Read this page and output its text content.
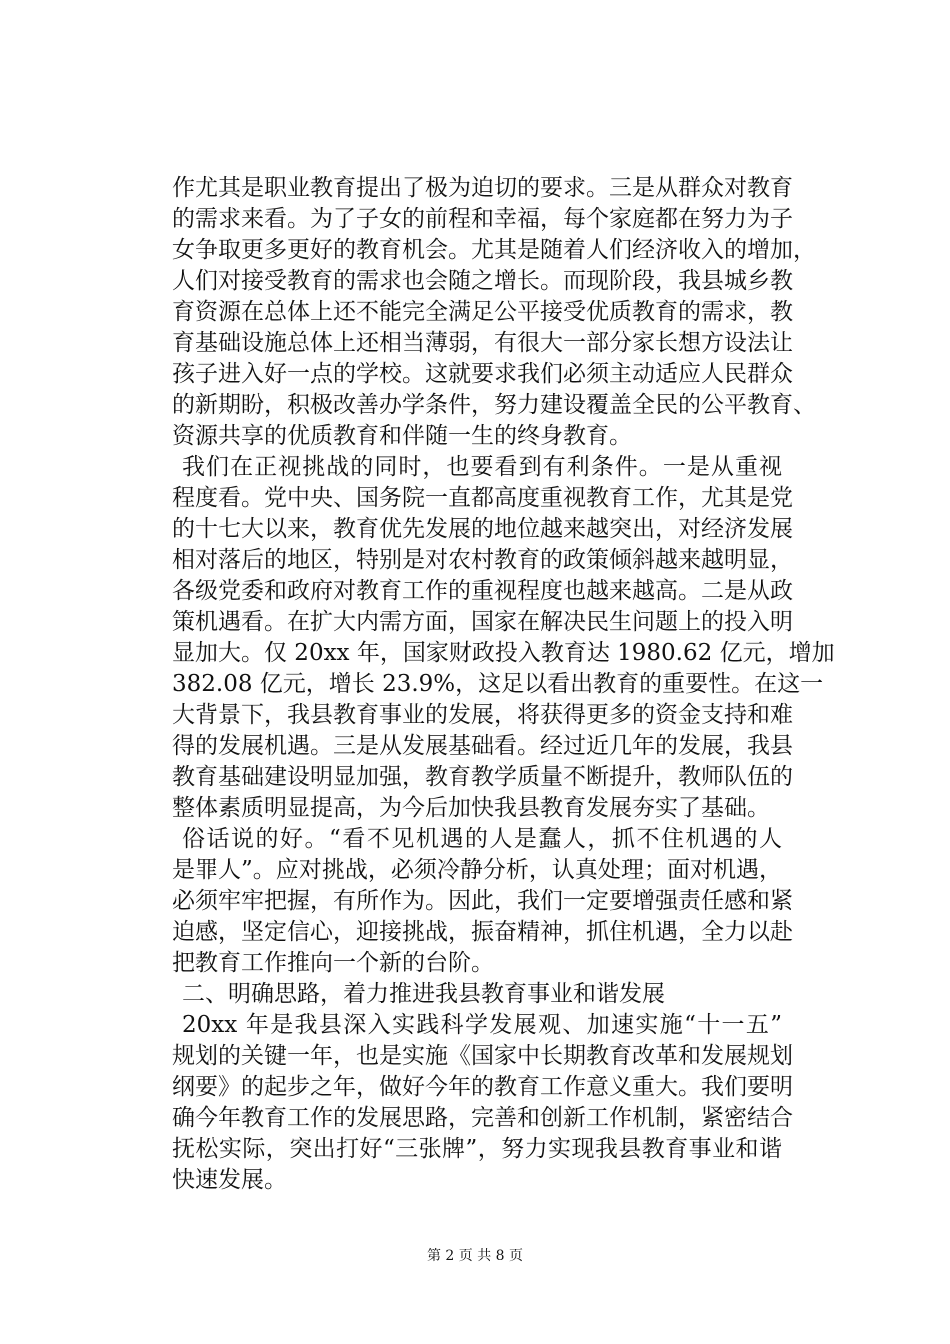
作尤其是职业教育提出了极为迫切的要求。三是从群众对教育
的需求来看。为了子女的前程和幸福，每个家庭都在努力为子
女争取更多更好的教育机会。尤其是随着人们经济收入的增加，
人们对接受教育的需求也会随之增长。而现阶段，我县城乡教
育资源在总体上还不能完全满足公平接受优质教育的需求，教
育基础设施总体上还相当薄弱，有很大一部分家长想方设法让
孩子进入好一点的学校。这就要求我们必须主动适应人民群众
的新期盼，积极改善办学条件，努力建设覆盖全民的公平教育、
资源共享的优质教育和伴随一生的终身教育。
我们在正视挑战的同时，也要看到有利条件。一是从重视
程度看。党中央、国务院一直都高度重视教育工作，尤其是党
的十七大以来，教育优先发展的地位越来越突出，对经济发展
相对落后的地区，特别是对农村教育的政策倾斜越来越明显，
各级党委和政府对教育工作的重视程度也越来越高。二是从政
策机遇看。在扩大内需方面，国家在解决民生问题上的投入明
显加大。仅 20xx 年，国家财政投入教育达 1980.62 亿元，增加
382.08 亿元，增长 23.9%，这足以看出教育的重要性。在这一
大背景下，我县教育事业的发展，将获得更多的资金支持和难
得的发展机遇。三是从发展基础看。经过近几年的发展，我县
教育基础建设明显加强，教育教学质量不断提升，教师队伍的
整体素质明显提高，为今后加快我县教育发展夯实了基础。
俗话说的好。“看不见机遇的人是蠢人，抓不住机遇的人
是罪人”。应对挑战，必须冷静分析，认真处理；面对机遇，
必须牢牢把握，有所作为。因此，我们一定要增强责任感和紧
迫感，坚定信心，迎接挑战，振奋精神，抓住机遇，全力以赴
把教育工作推向一个新的台阶。
二、明确思路，着力推进我县教育事业和谐发展
20xx 年是我县深入实践科学发展观、加速实施“十一五”
规划的关键一年，也是实施《国家中长期教育改革和发展规划
纲要》的起步之年，做好今年的教育工作意义重大。我们要明
确今年教育工作的发展思路，完善和创新工作机制，紧密结合
抚松实际，突出打好“三张牌”，努力实现我县教育事业和谐
快速发展。
第 2 页 共 8 页
